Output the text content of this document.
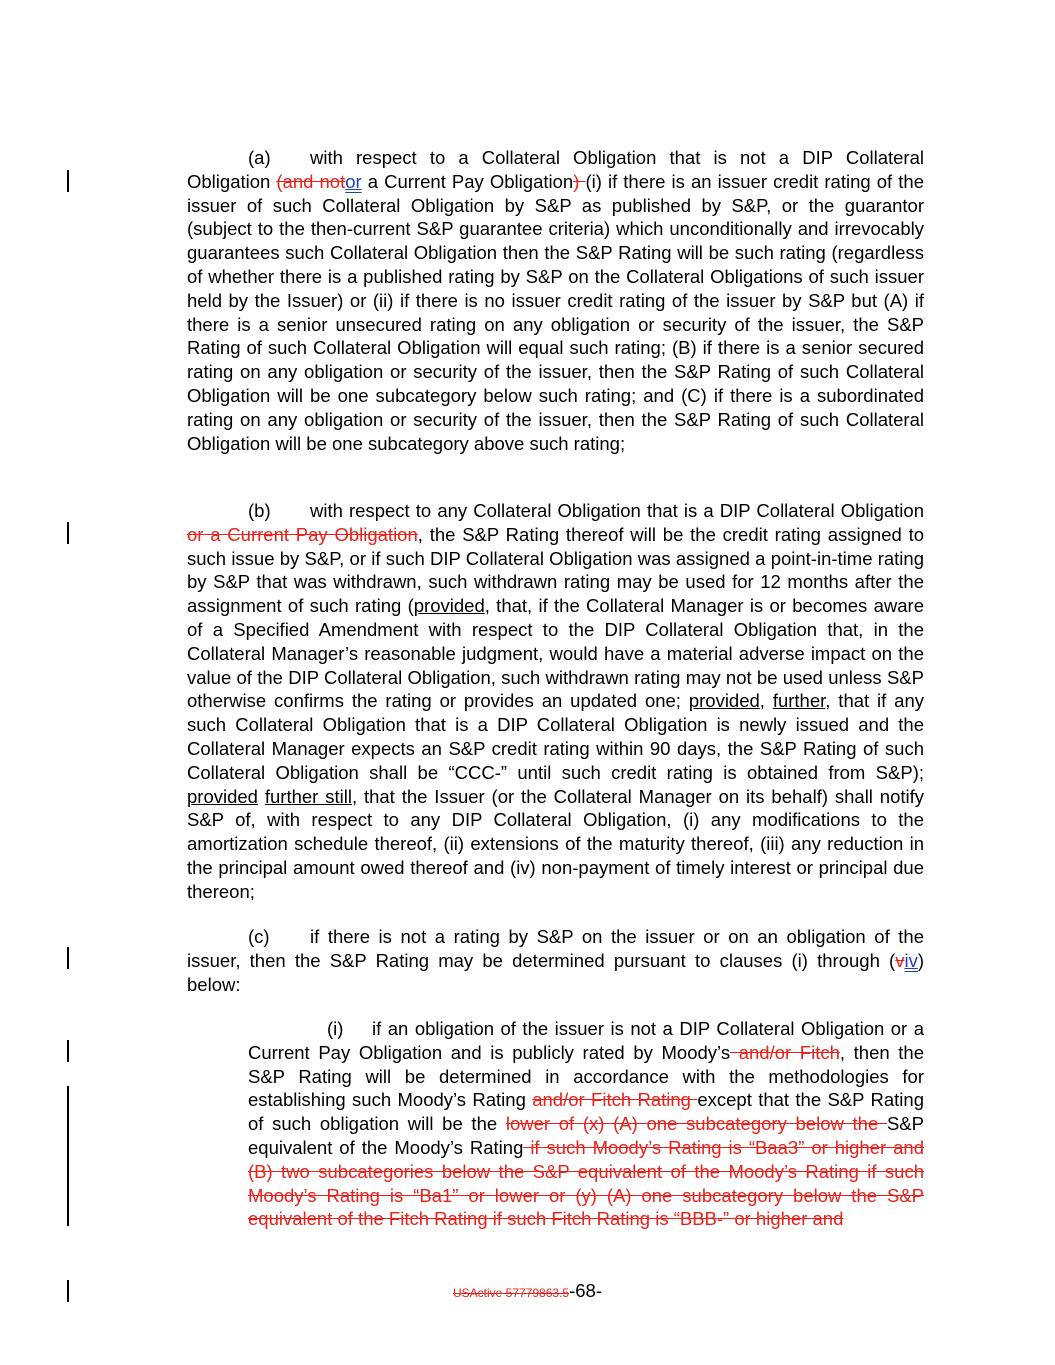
(a) with respect to a Collateral Obligation that is not a DIP Collateral Obligation (and notor a Current Pay Obligation) (i) if there is an issuer credit rating of the issuer of such Collateral Obligation by S&P as published by S&P, or the guarantor (subject to the then-current S&P guarantee criteria) which unconditionally and irrevocably guarantees such Collateral Obligation then the S&P Rating will be such rating (regardless of whether there is a published rating by S&P on the Collateral Obligations of such issuer held by the Issuer) or (ii) if there is no issuer credit rating of the issuer by S&P but (A) if there is a senior unsecured rating on any obligation or security of the issuer, the S&P Rating of such Collateral Obligation will equal such rating; (B) if there is a senior secured rating on any obligation or security of the issuer, then the S&P Rating of such Collateral Obligation will be one subcategory below such rating; and (C) if there is a subordinated rating on any obligation or security of the issuer, then the S&P Rating of such Collateral Obligation will be one subcategory above such rating;
(b) with respect to any Collateral Obligation that is a DIP Collateral Obligation or a Current Pay Obligation, the S&P Rating thereof will be the credit rating assigned to such issue by S&P, or if such DIP Collateral Obligation was assigned a point-in-time rating by S&P that was withdrawn, such withdrawn rating may be used for 12 months after the assignment of such rating (provided, that, if the Collateral Manager is or becomes aware of a Specified Amendment with respect to the DIP Collateral Obligation that, in the Collateral Manager’s reasonable judgment, would have a material adverse impact on the value of the DIP Collateral Obligation, such withdrawn rating may not be used unless S&P otherwise confirms the rating or provides an updated one; provided, further, that if any such Collateral Obligation that is a DIP Collateral Obligation is newly issued and the Collateral Manager expects an S&P credit rating within 90 days, the S&P Rating of such Collateral Obligation shall be “CCC-” until such credit rating is obtained from S&P); provided further still, that the Issuer (or the Collateral Manager on its behalf) shall notify S&P of, with respect to any DIP Collateral Obligation, (i) any modifications to the amortization schedule thereof, (ii) extensions of the maturity thereof, (iii) any reduction in the principal amount owed thereof and (iv) non-payment of timely interest or principal due thereon;
(c) if there is not a rating by S&P on the issuer or on an obligation of the issuer, then the S&P Rating may be determined pursuant to clauses (i) through (viv) below:
(i) if an obligation of the issuer is not a DIP Collateral Obligation or a Current Pay Obligation and is publicly rated by Moody’s and/or Fitch, then the S&P Rating will be determined in accordance with the methodologies for establishing such Moody’s Rating and/or Fitch Rating except that the S&P Rating of such obligation will be the lower of (x) (A) one subcategory below the S&P equivalent of the Moody’s Rating if such Moody’s Rating is “Baa3” or higher and (B) two subcategories below the S&P equivalent of the Moody’s Rating if such Moody’s Rating is “Ba1” or lower or (y) (A) one subcategory below the S&P equivalent of the Fitch Rating if such Fitch Rating is “BBB-” or higher and
USActive 57779863.5-68-
